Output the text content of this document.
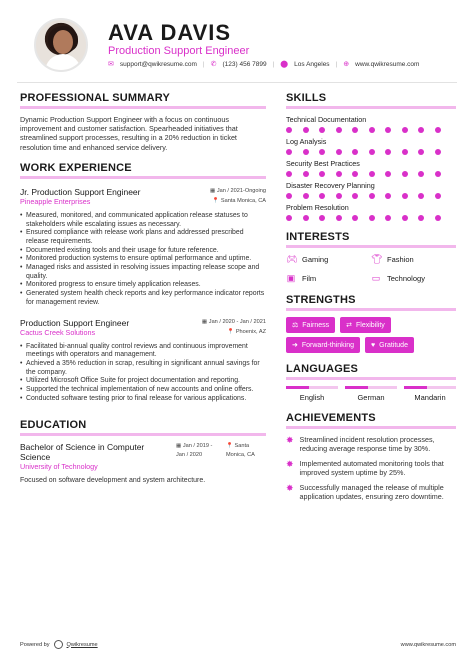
AVA DAVIS
Production Support Engineer
✉ support@qwikresume.com | ✆ (123) 456 7899 | ⬤ Los Angeles | ⊕ www.qwikresume.com
PROFESSIONAL SUMMARY
Dynamic Production Support Engineer with a focus on continuous improvement and customer satisfaction. Spearheaded initiatives that streamlined support processes, resulting in a 20% reduction in ticket resolution time and enhanced service delivery.
WORK EXPERIENCE
Jr. Production Support Engineer	▦ Jan / 2021-Ongoing
Pineapple Enterprises	📍 Santa Monica, CA
• Measured, monitored, and communicated application release statuses to stakeholders while escalating issues as necessary.
• Ensured compliance with release work plans and addressed prescribed release requirements.
• Documented existing tools and their usage for future reference.
• Monitored production systems to ensure optimal performance and uptime.
• Managed risks and assisted in resolving issues impacting release scope and quality.
• Monitored progress to ensure timely application releases.
• Generated system health check reports and key performance indicator reports for management review.
Production Support Engineer	▦ Jan / 2020 - Jan / 2021
Cactus Creek Solutions	📍 Phoenix, AZ
• Facilitated bi-annual quality control reviews and continuous improvement meetings with operators and management.
• Achieved a 35% reduction in scrap, resulting in significant annual savings for the company.
• Utilized Microsoft Office Suite for project documentation and reporting.
• Supported the technical implementation of new accounts and online offers.
• Conducted software testing prior to final release for various applications.
EDUCATION
Bachelor of Science in Computer Science
▦ Jan / 2019 - Jan / 2020
📍 Santa Monica, CA
University of Technology
Focused on software development and system architecture.
SKILLS
Technical Documentation
Log Analysis
Security Best Practices
Disaster Recovery Planning
Problem Resolution
INTERESTS
🎮︎ Gaming	👕︎ Fashion
▣ Film	▭ Technology
STRENGTHS
⚖ Fairness ⇄ Flexibility
➜ Forward-thinking ♥ Gratitude
LANGUAGES
English	German	Mandarin
ACHIEVEMENTS
✸ Streamlined incident resolution processes, reducing average response time by 30%.
✸ Implemented automated monitoring tools that improved system uptime by 25%.
✸ Successfully managed the release of multiple application updates, ensuring zero downtime.
Powered by	Qwikresume	www.qwikresume.com
